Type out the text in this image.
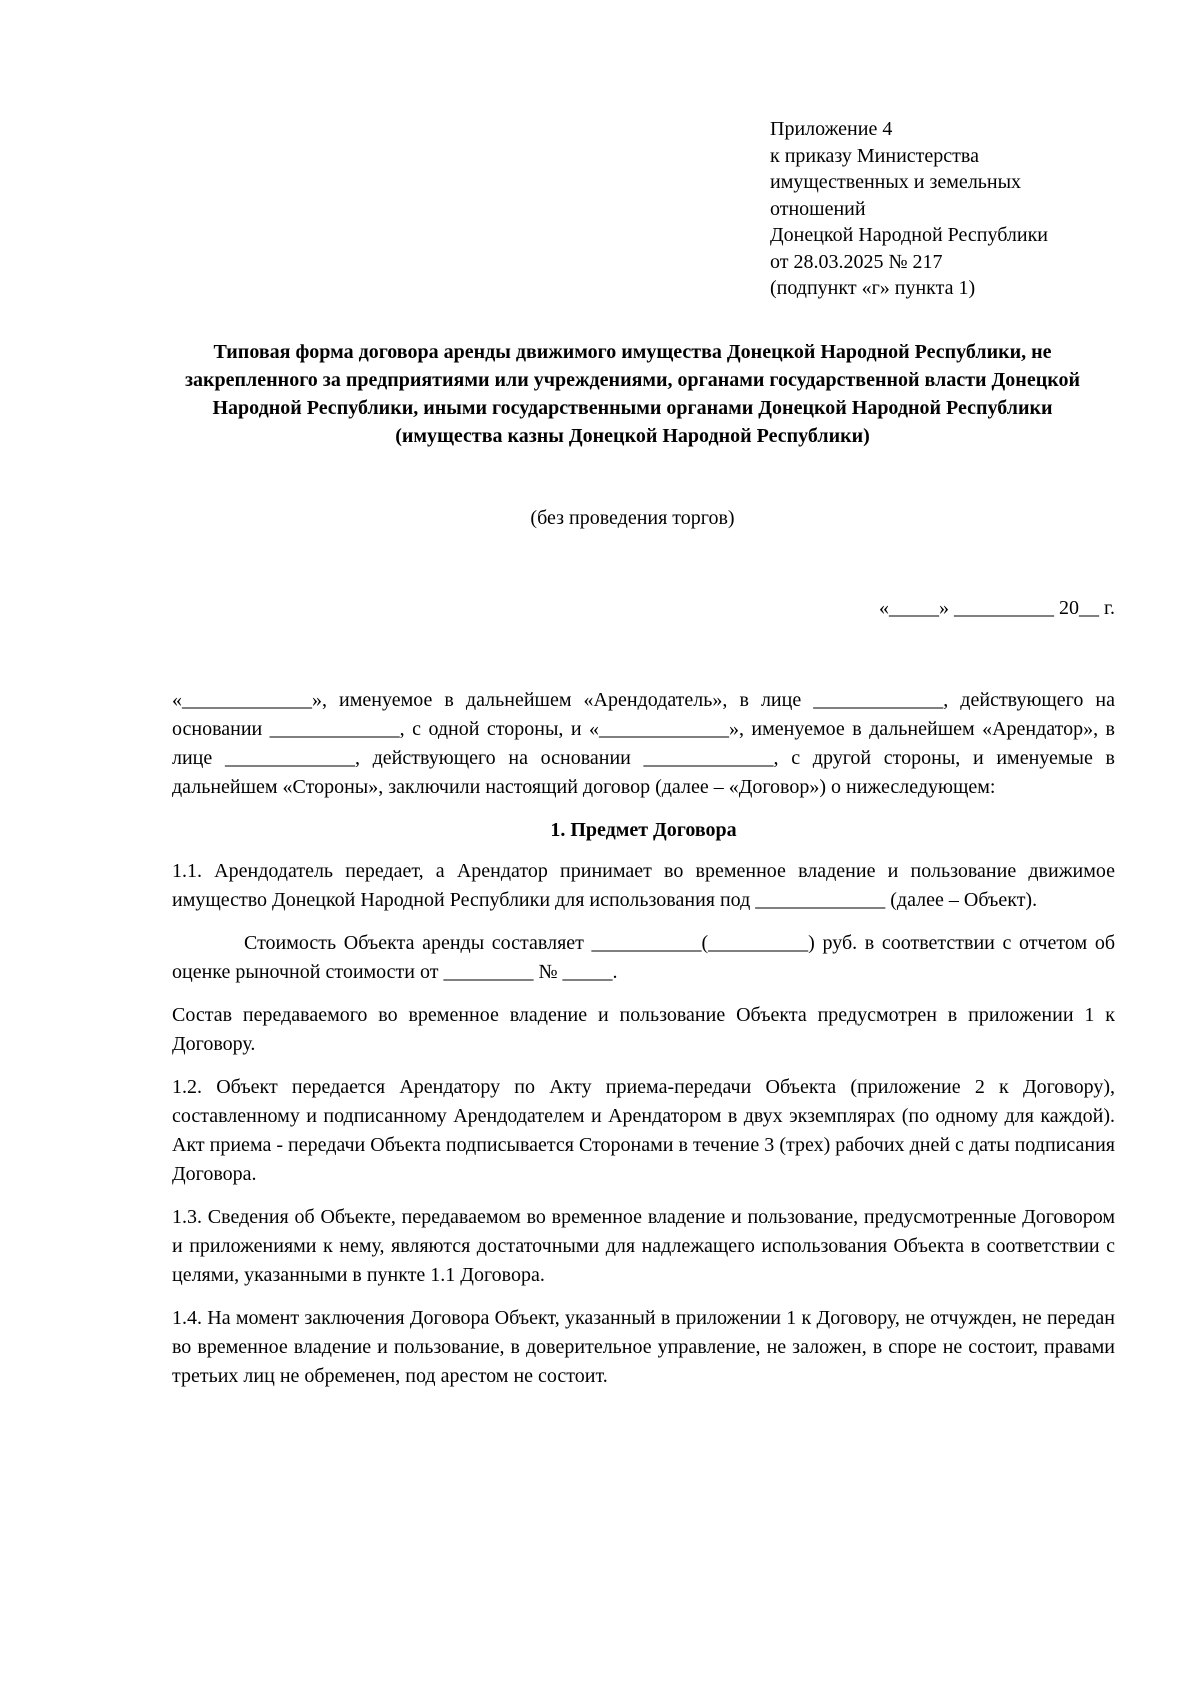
Приложение 4
к приказу Министерства
имущественных и земельных
отношений
Донецкой Народной Республики
от 28.03.2025 № 217
(подпункт «г» пункта 1)
Типовая форма договора аренды движимого имущества Донецкой Народной Республики, не закрепленного за предприятиями или учреждениями, органами государственной власти Донецкой Народной Республики, иными государственными органами Донецкой Народной Республики
(имущества казны Донецкой Народной Республики)
(без проведения торгов)
«_____» __________ 20__ г.

«_____________», именуемое в дальнейшем «Арендодатель», в лице _____________, действующего на основании _____________, с одной стороны, и «_____________», именуемое в дальнейшем «Арендатор», в лице _____________, действующего на основании _____________, с другой стороны, и именуемые в дальнейшем «Стороны», заключили настоящий договор (далее – «Договор») о нижеследующем:

1. Предмет Договора

1.1. Арендодатель передает, а Арендатор принимает во временное владение и пользование движимое имущество Донецкой Народной Республики для использования под _____________ (далее – Объект).

Стоимость Объекта аренды составляет ___________(__________) руб. в соответствии с отчетом об оценке рыночной стоимости от _________ № _____.

Состав передаваемого во временное владение и пользование Объекта предусмотрен в приложении 1 к Договору.

1.2. Объект передается Арендатору по Акту приема-передачи Объекта (приложение 2 к Договору), составленному и подписанному Арендодателем и Арендатором в двух экземплярах (по одному для каждой). Акт приема - передачи Объекта подписывается Сторонами в течение 3 (трех) рабочих дней с даты подписания Договора.

1.3. Сведения об Объекте, передаваемом во временное владение и пользование, предусмотренные Договором и приложениями к нему, являются достаточными для надлежащего использования Объекта в соответствии с целями, указанными в пункте 1.1 Договора.

1.4. На момент заключения Договора Объект, указанный в приложении 1 к Договору, не отчужден, не передан во временное владение и пользование, в доверительное управление, не заложен, в споре не состоит, правами третьих лиц не обременен, под арестом не состоит.
